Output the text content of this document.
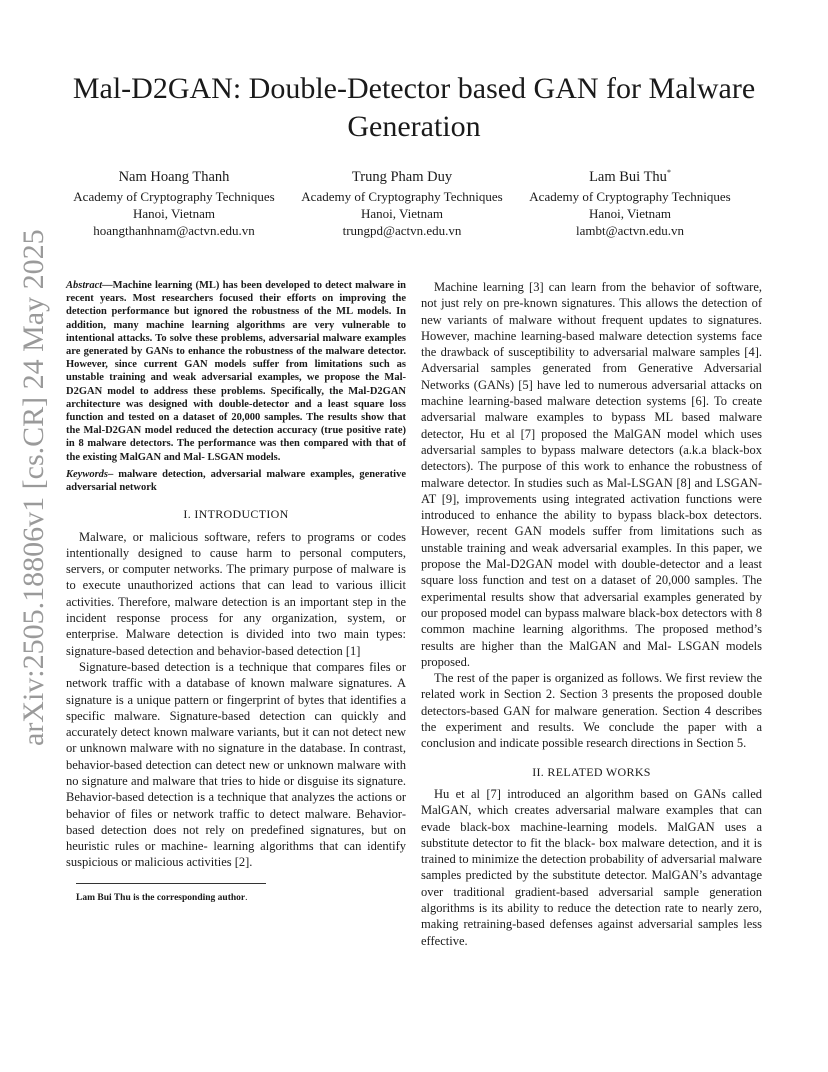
arXiv:2505.18806v1 [cs.CR] 24 May 2025
Mal-D2GAN: Double-Detector based GAN for Malware Generation
Nam Hoang Thanh
Academy of Cryptography Techniques
Hanoi, Vietnam
hoangthanhnam@actvn.edu.vn
Trung Pham Duy
Academy of Cryptography Techniques
Hanoi, Vietnam
trungpd@actvn.edu.vn
Lam Bui Thu*
Academy of Cryptography Techniques
Hanoi, Vietnam
lambt@actvn.edu.vn
Abstract—Machine learning (ML) has been developed to detect malware in recent years. Most researchers focused their efforts on improving the detection performance but ignored the robustness of the ML models. In addition, many machine learning algorithms are very vulnerable to intentional attacks. To solve these problems, adversarial malware examples are generated by GANs to enhance the robustness of the malware detector. However, since current GAN models suffer from limitations such as unstable training and weak adversarial examples, we propose the Mal-D2GAN model to address these problems. Specifically, the Mal-D2GAN architecture was designed with double-detector and a least square loss function and tested on a dataset of 20,000 samples. The results show that the Mal-D2GAN model reduced the detection accuracy (true positive rate) in 8 malware detectors. The performance was then compared with that of the existing MalGAN and Mal- LSGAN models.
Keywords– malware detection, adversarial malware examples, generative adversarial network
I. INTRODUCTION

Malware, or malicious software, refers to programs or codes intentionally designed to cause harm to personal computers, servers, or computer networks. The primary purpose of malware is to execute unauthorized actions that can lead to various illicit activities. Therefore, malware detection is an important step in the incident response process for any organization, system, or enterprise. Malware detection is divided into two main types: signature-based detection and behavior-based detection [1]

Signature-based detection is a technique that compares files or network traffic with a database of known malware signatures. A signature is a unique pattern or fingerprint of bytes that identifies a specific malware. Signature-based detection can quickly and accurately detect known malware variants, but it can not detect new or unknown malware with no signature in the database. In contrast, behavior-based detection can detect new or unknown malware with no signature and malware that tries to hide or disguise its signature. Behavior-based detection is a technique that analyzes the actions or behavior of files or network traffic to detect malware. Behavior-based detection does not rely on predefined signatures, but on heuristic rules or machine- learning algorithms that can identify suspicious or malicious activities [2].

Lam Bui Thu is the corresponding author.

Machine learning [3] can learn from the behavior of software, not just rely on pre-known signatures. This allows the detection of new variants of malware without frequent updates to signatures. However, machine learning-based malware detection systems face the drawback of susceptibility to adversarial malware samples [4]. Adversarial samples generated from Generative Adversarial Networks (GANs) [5] have led to numerous adversarial attacks on machine learning-based malware detection systems [6]. To create adversarial malware examples to bypass ML based malware detector, Hu et al [7] proposed the MalGAN model which uses adversarial samples to bypass malware detectors (a.k.a black-box detectors). The purpose of this work to enhance the robustness of malware detector. In studies such as Mal-LSGAN [8] and LSGAN- AT [9], improvements using integrated activation functions were introduced to enhance the ability to bypass black-box detectors. However, recent GAN models suffer from limitations such as unstable training and weak adversarial examples. In this paper, we propose the Mal-D2GAN model with double-detector and a least square loss function and test on a dataset of 20,000 samples. The experimental results show that adversarial examples generated by our proposed model can bypass malware black-box detectors with 8 common machine learning algorithms. The proposed method’s results are higher than the MalGAN and Mal- LSGAN models proposed.

The rest of the paper is organized as follows. We first review the related work in Section 2. Section 3 presents the proposed double detectors-based GAN for malware generation. Section 4 describes the experiment and results. We conclude the paper with a conclusion and indicate possible research directions in Section 5.

II. RELATED WORKS

Hu et al [7] introduced an algorithm based on GANs called MalGAN, which creates adversarial malware examples that can evade black-box machine-learning models. MalGAN uses a substitute detector to fit the black- box malware detection, and it is trained to minimize the detection probability of adversarial malware samples predicted by the substitute detector. MalGAN’s advantage over traditional gradient-based adversarial sample generation algorithms is its ability to reduce the detection rate to nearly zero, making retraining-based defenses against adversarial samples less effective.
